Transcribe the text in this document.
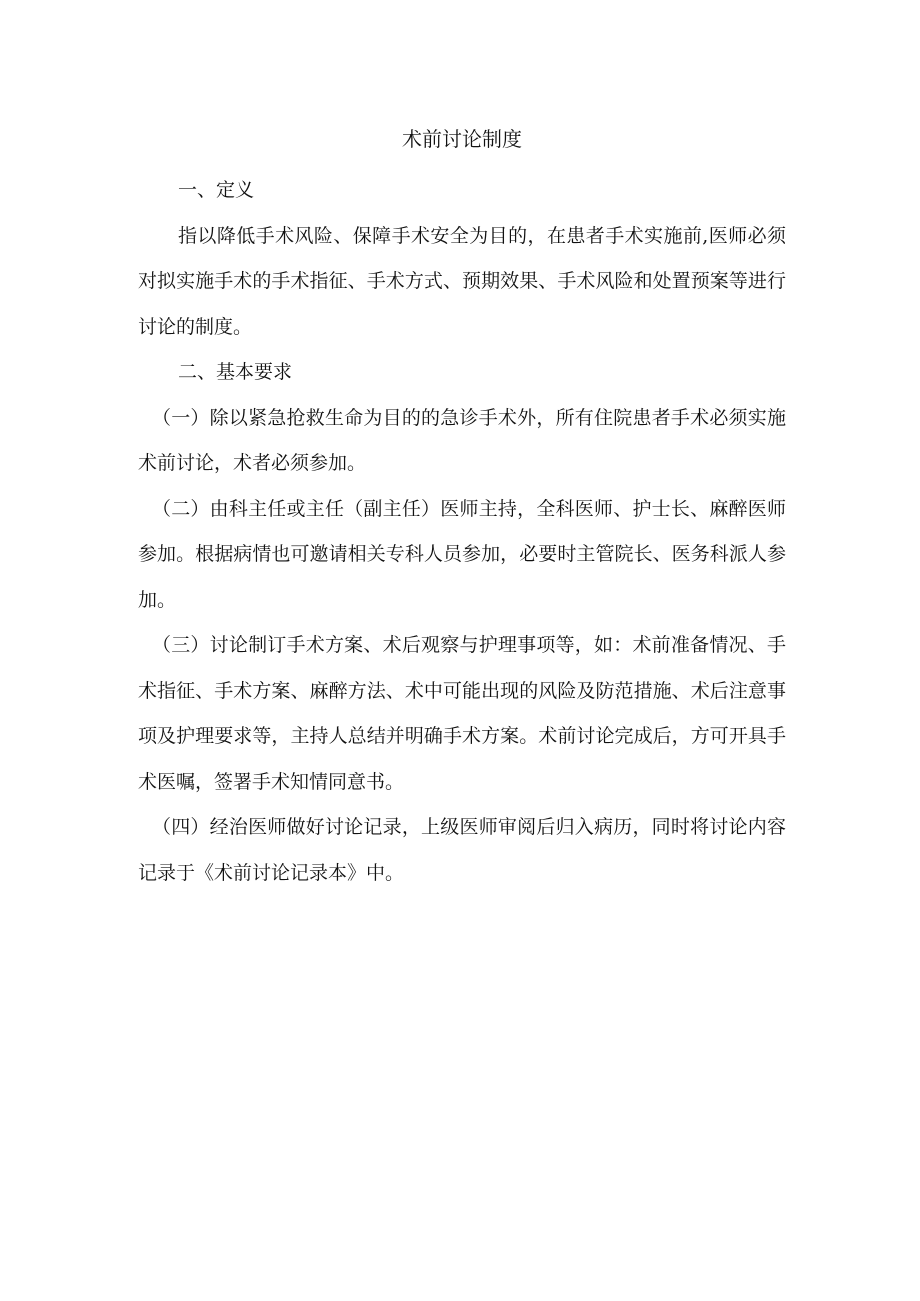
术前讨论制度

一、定义

指以降低手术风险、保障手术安全为目的，在患者手术实施前,医师必须对拟实施手术的手术指征、手术方式、预期效果、手术风险和处置预案等进行讨论的制度。

二、基本要求

（一）除以紧急抢救生命为目的的急诊手术外，所有住院患者手术必须实施术前讨论，术者必须参加。

（二）由科主任或主任（副主任）医师主持，全科医师、护士长、麻醉医师参加。根据病情也可邀请相关专科人员参加，必要时主管院长、医务科派人参加。

（三）讨论制订手术方案、术后观察与护理事项等，如：术前准备情况、手术指征、手术方案、麻醉方法、术中可能出现的风险及防范措施、术后注意事项及护理要求等，主持人总结并明确手术方案。术前讨论完成后，方可开具手术医嘱，签署手术知情同意书。

（四）经治医师做好讨论记录，上级医师审阅后归入病历，同时将讨论内容记录于《术前讨论记录本》中。
